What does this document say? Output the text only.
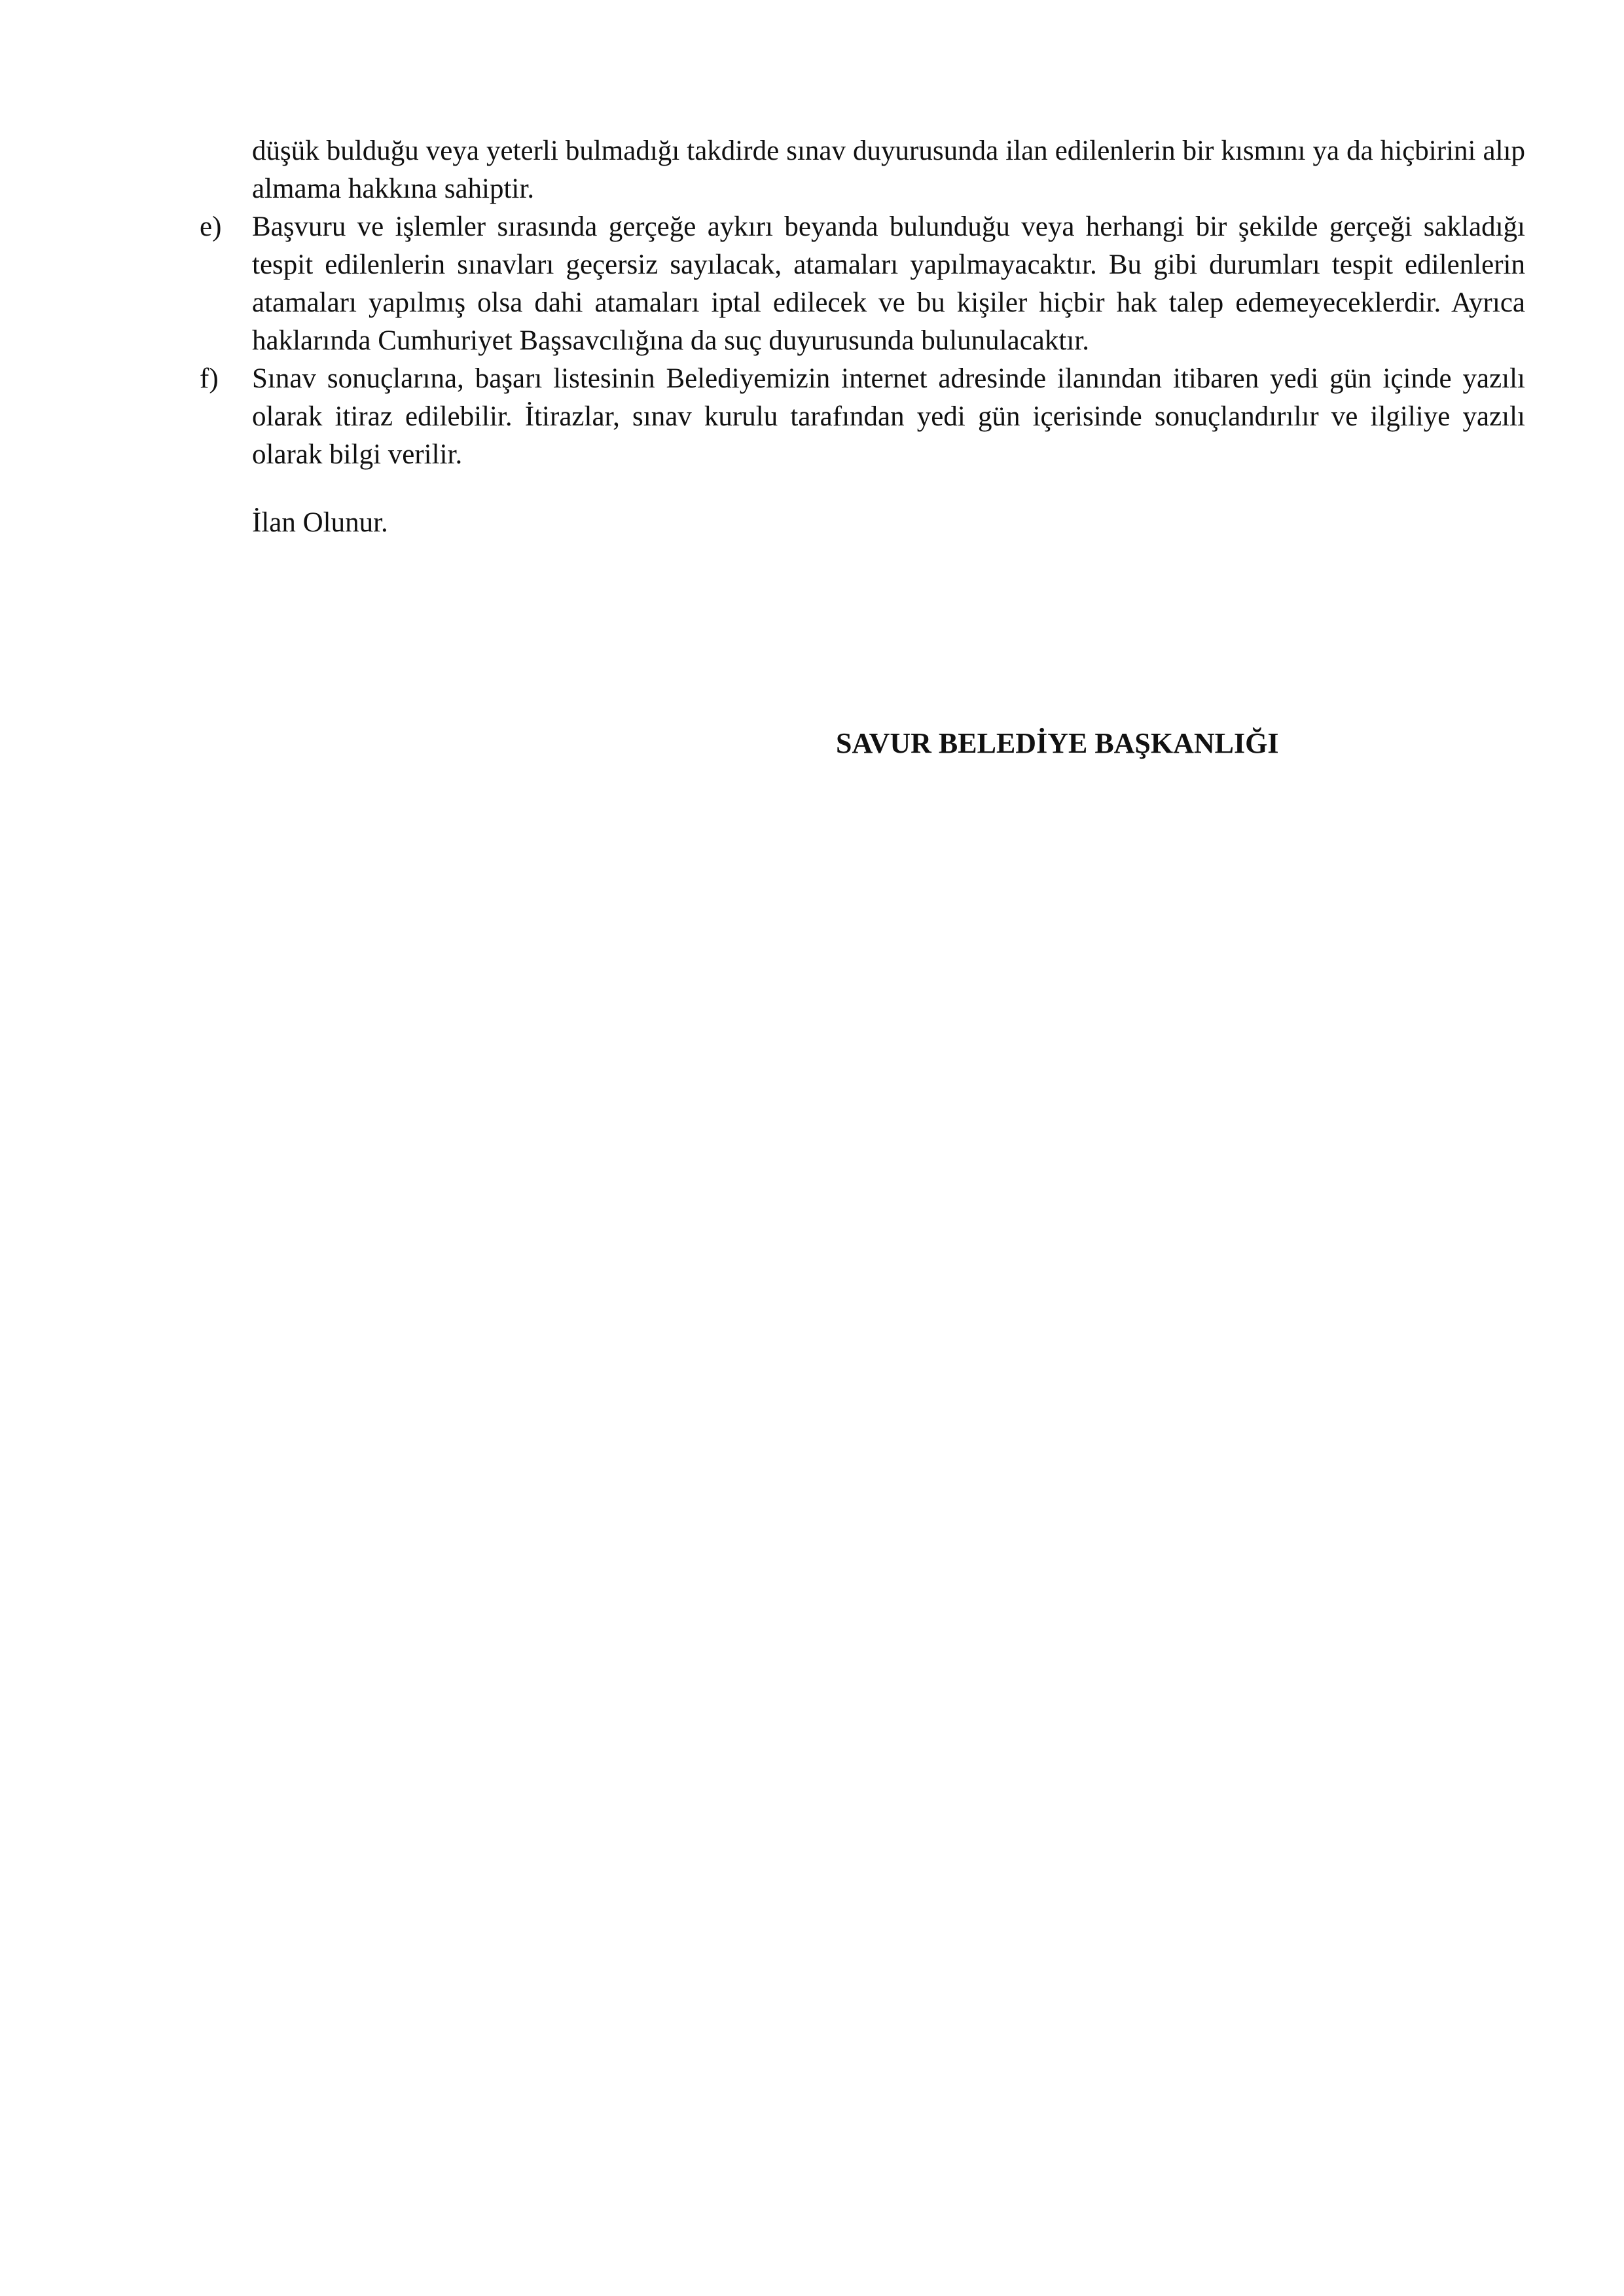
düşük bulduğu veya yeterli bulmadığı takdirde sınav duyurusunda ilan edilenlerin bir kısmını ya da hiçbirini alıp almama hakkına sahiptir.

e)	Başvuru ve işlemler sırasında gerçeğe aykırı beyanda bulunduğu veya herhangi bir şekilde gerçeği sakladığı tespit edilenlerin sınavları geçersiz sayılacak, atamaları yapılmayacaktır. Bu gibi durumları tespit edilenlerin atamaları yapılmış olsa dahi atamaları iptal edilecek ve bu kişiler hiçbir hak talep edemeyeceklerdir. Ayrıca haklarında Cumhuriyet Başsavcılığına da suç duyurusunda bulunulacaktır.

f)	Sınav sonuçlarına, başarı listesinin Belediyemizin internet adresinde ilanından itibaren yedi gün içinde yazılı olarak itiraz edilebilir. İtirazlar, sınav kurulu tarafından yedi gün içerisinde sonuçlandırılır ve ilgiliye yazılı olarak bilgi verilir.

İlan Olunur.

SAVUR BELEDİYE BAŞKANLIĞI
